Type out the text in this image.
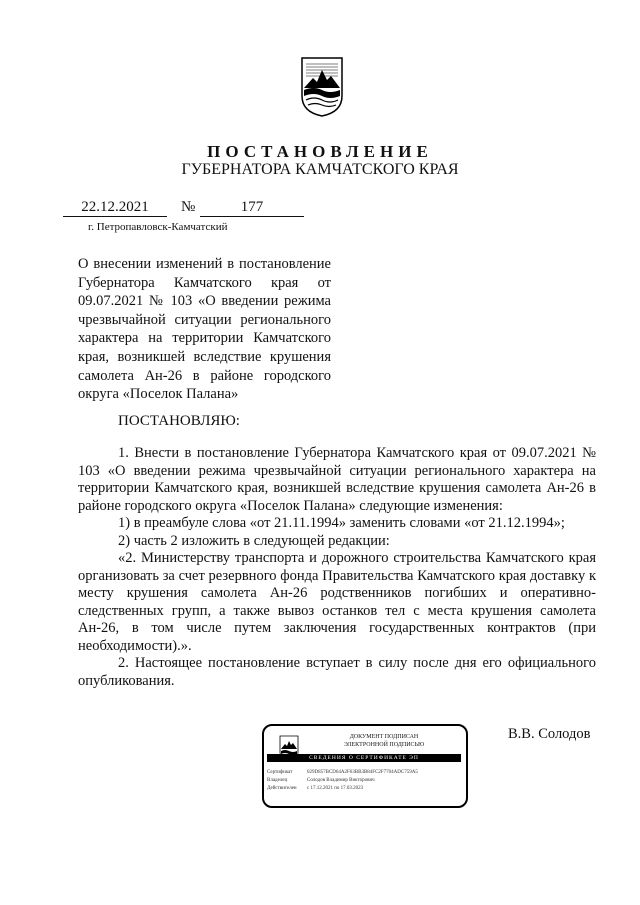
ПОСТАНОВЛЕНИЕ
ГУБЕРНАТОРА КАМЧАТСКОГО КРАЯ
22.12.2021	№	177
г. Петропавловск-Камчатский
О внесении изменений в постановление Губернатора Камчатского края от 09.07.2021 № 103 «О введении режима чрезвычайной ситуации регионального характера на территории Камчатского края, возникшей вследствие крушения самолета Ан-26 в районе городского округа «Поселок Палана»
ПОСТАНОВЛЯЮ:

1. Внести в постановление Губернатора Камчатского края от 09.07.2021 № 103 «О введении режима чрезвычайной ситуации регионального характера на территории Камчатского края, возникшей вследствие крушения самолета Ан-26 в районе городского округа «Поселок Палана» следующие изменения:

1) в преамбуле слова «от 21.11.1994» заменить словами «от 21.12.1994»;

2) часть 2 изложить в следующей редакции:

«2. Министерству транспорта и дорожного строительства Камчатского края организовать за счет резервного фонда Правительства Камчатского края доставку к месту крушения самолета Ан-26 родственников погибших и оперативно-следственных групп, а также вывоз останков тел с места крушения самолета Ан-26, в том числе путем заключения государственных контрактов (при необходимости).».

2. Настоящее постановление вступает в силу после дня его официального опубликования.

ДОКУМЕНТ ПОДПИСАН
ЭЛЕКТРОННОЙ ПОДПИСЬЮ
СВЕДЕНИЯ О СЕРТИФИКАТЕ ЭП
Сертификат	029D857BCD64A2F63BB3B84FC2F7704ADC759A5
Владелец	Солодов Владимир Викторович
Действителен с 17.12.2021 по 17.03.2023
В.В. Солодов
